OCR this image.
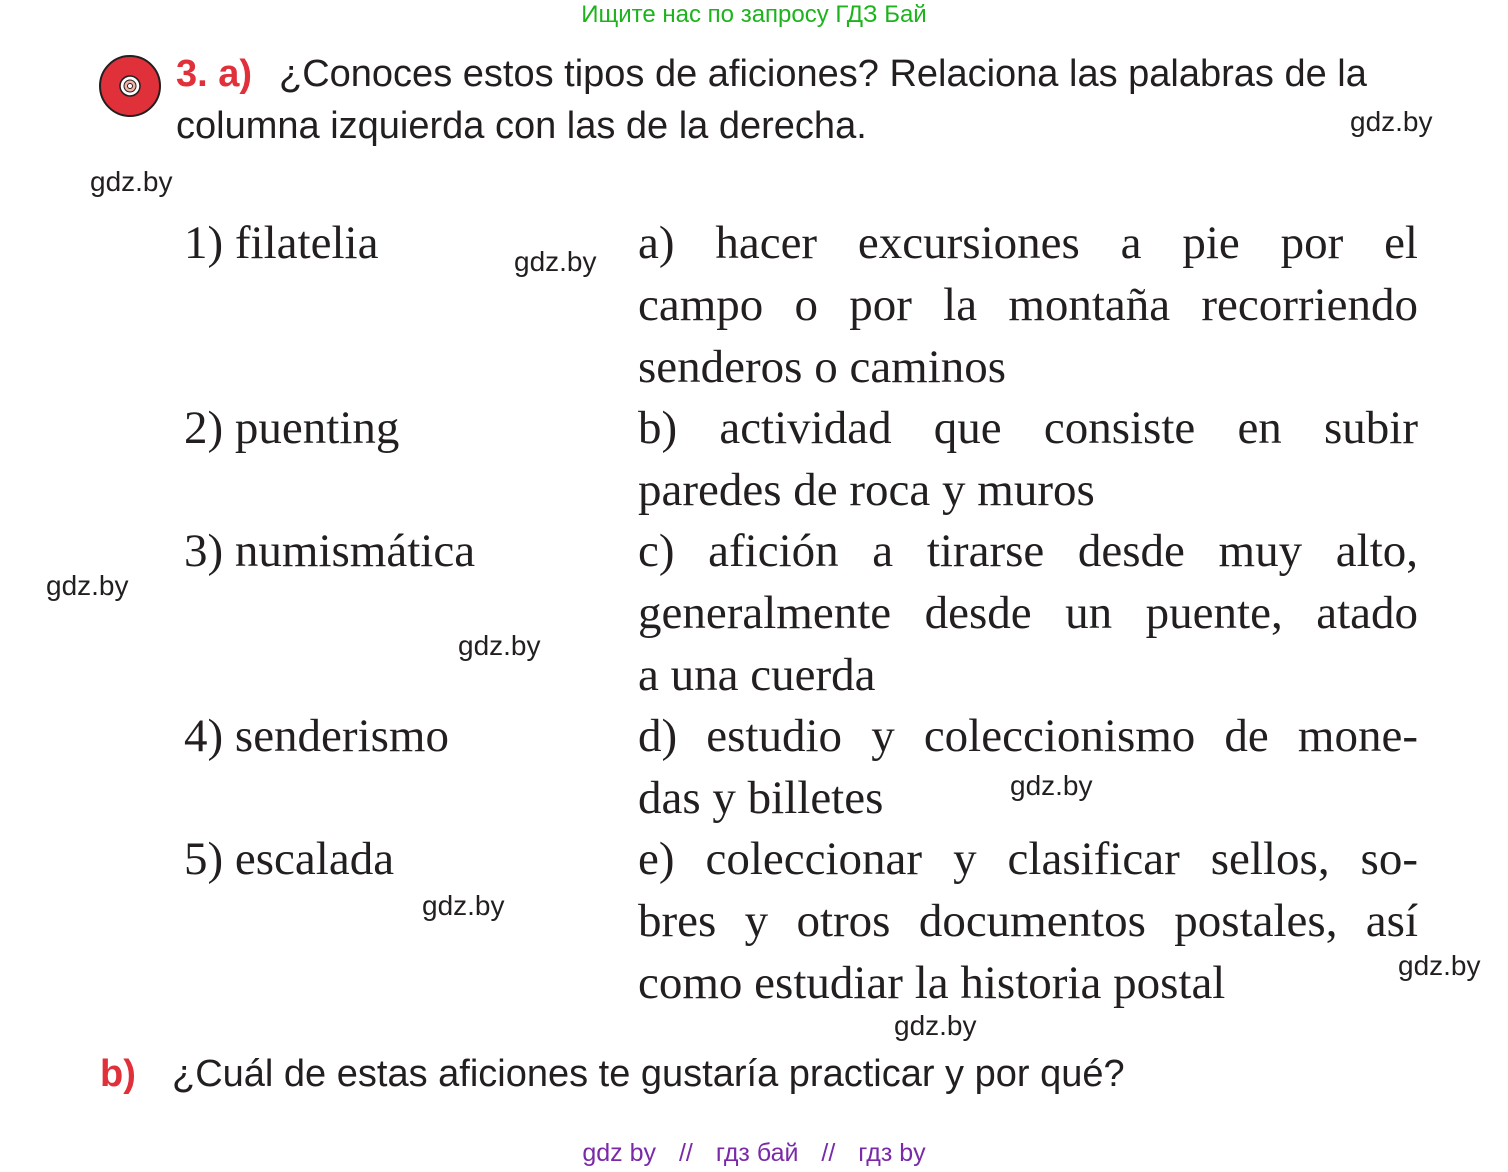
Ищите нас по запросу ГДЗ Бай
3. a) ¿Conoces estos tipos de aficiones? Relaciona las palabras de la columna izquierda con las de la derecha.
1) filatelia
2) puenting
3) numismática
4) senderismo
5) escalada
a) hacer excursiones a pie por el
campo o por la montaña recorriendo
senderos o caminos
b) actividad que consiste en subir
paredes de roca y muros
c) afición a tirarse desde muy alto,
generalmente desde un puente, atado
a una cuerda
d) estudio y coleccionismo de mone-
das y billetes
e) coleccionar y clasificar sellos, so-
bres y otros documentos postales, así
como estudiar la historia postal
gdz.by
gdz.by
gdz.by
gdz.by
gdz.by
gdz.by
gdz.by
gdz.by
gdz.by
b) ¿Cuál de estas aficiones te gustaría practicar y por qué?
gdz by // гдз бай // гдз by
